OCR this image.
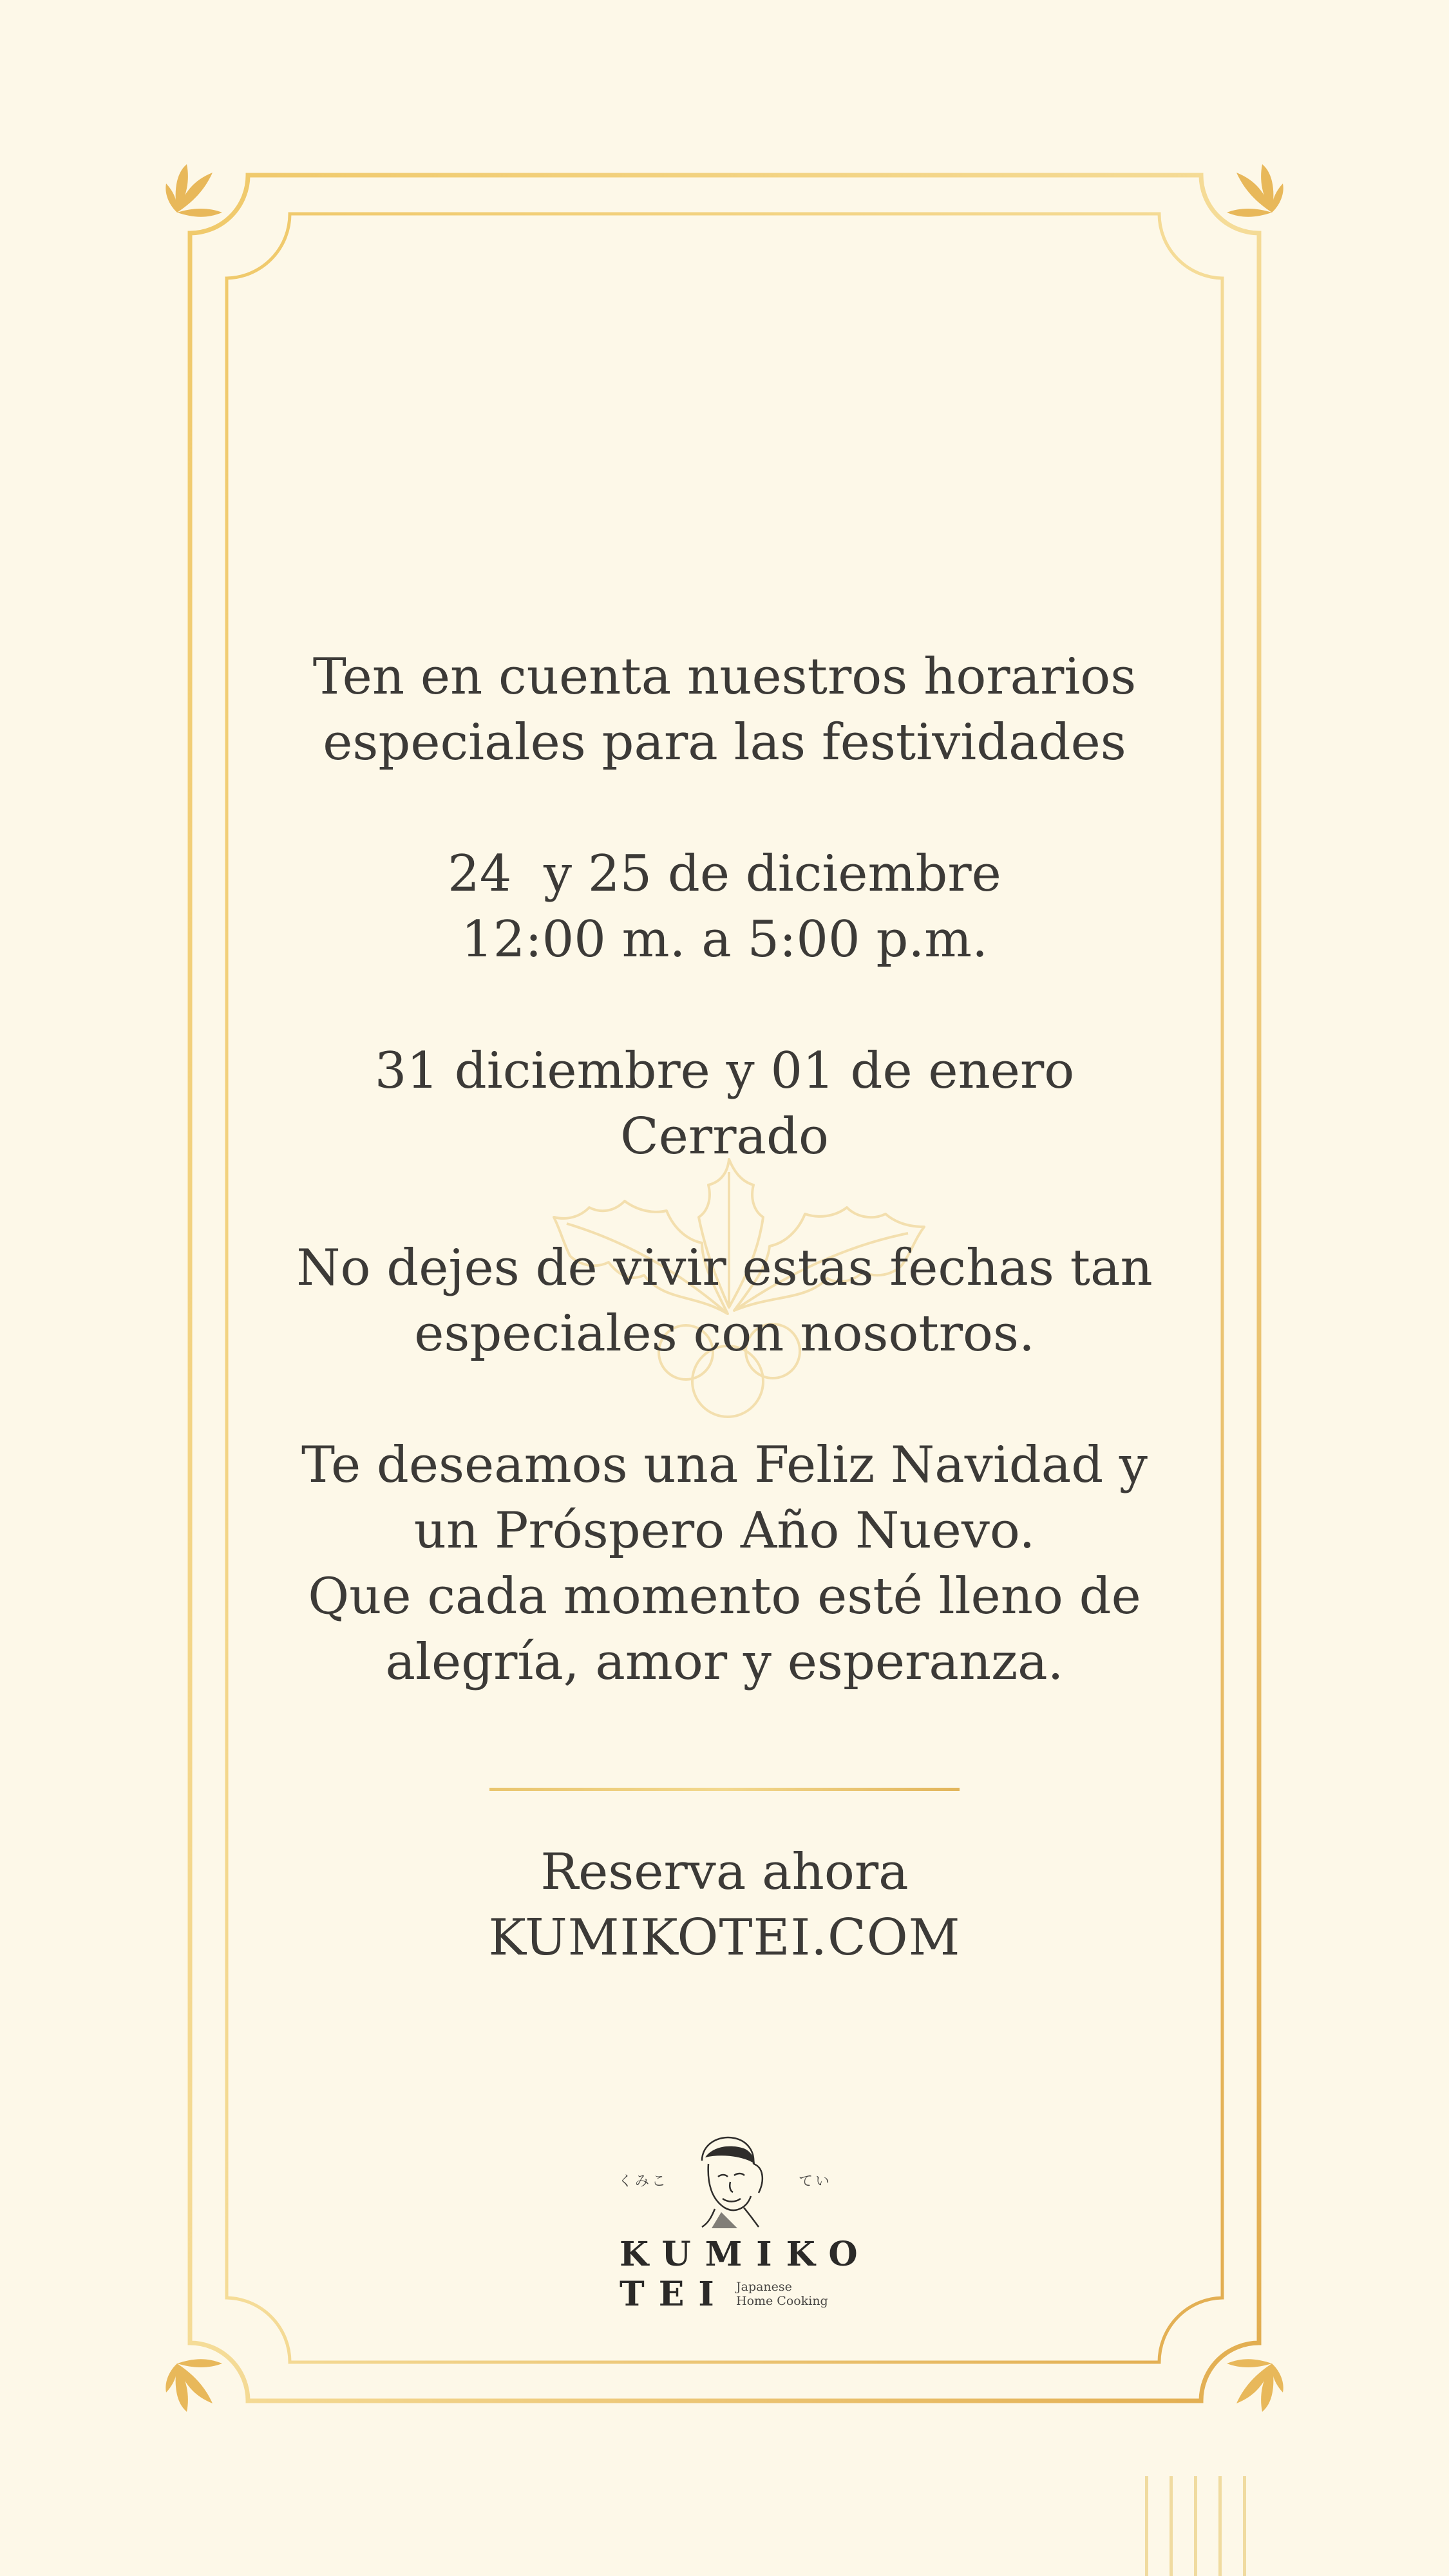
Ten en cuenta nuestros horarios
especiales para las festividades

24  y 25 de diciembre
12:00 m. a 5:00 p.m.

31 diciembre y 01 de enero
Cerrado

No dejes de vivir estas fechas tan
especiales con nosotros.

Te deseamos una Feliz Navidad y
un Próspero Año Nuevo.
Que cada momento esté lleno de
alegría, amor y esperanza.

Reserva ahora
KUMIKOTEI.COM
くみこ	てい
KUMIKO
TEI Japanese
Home Cooking
